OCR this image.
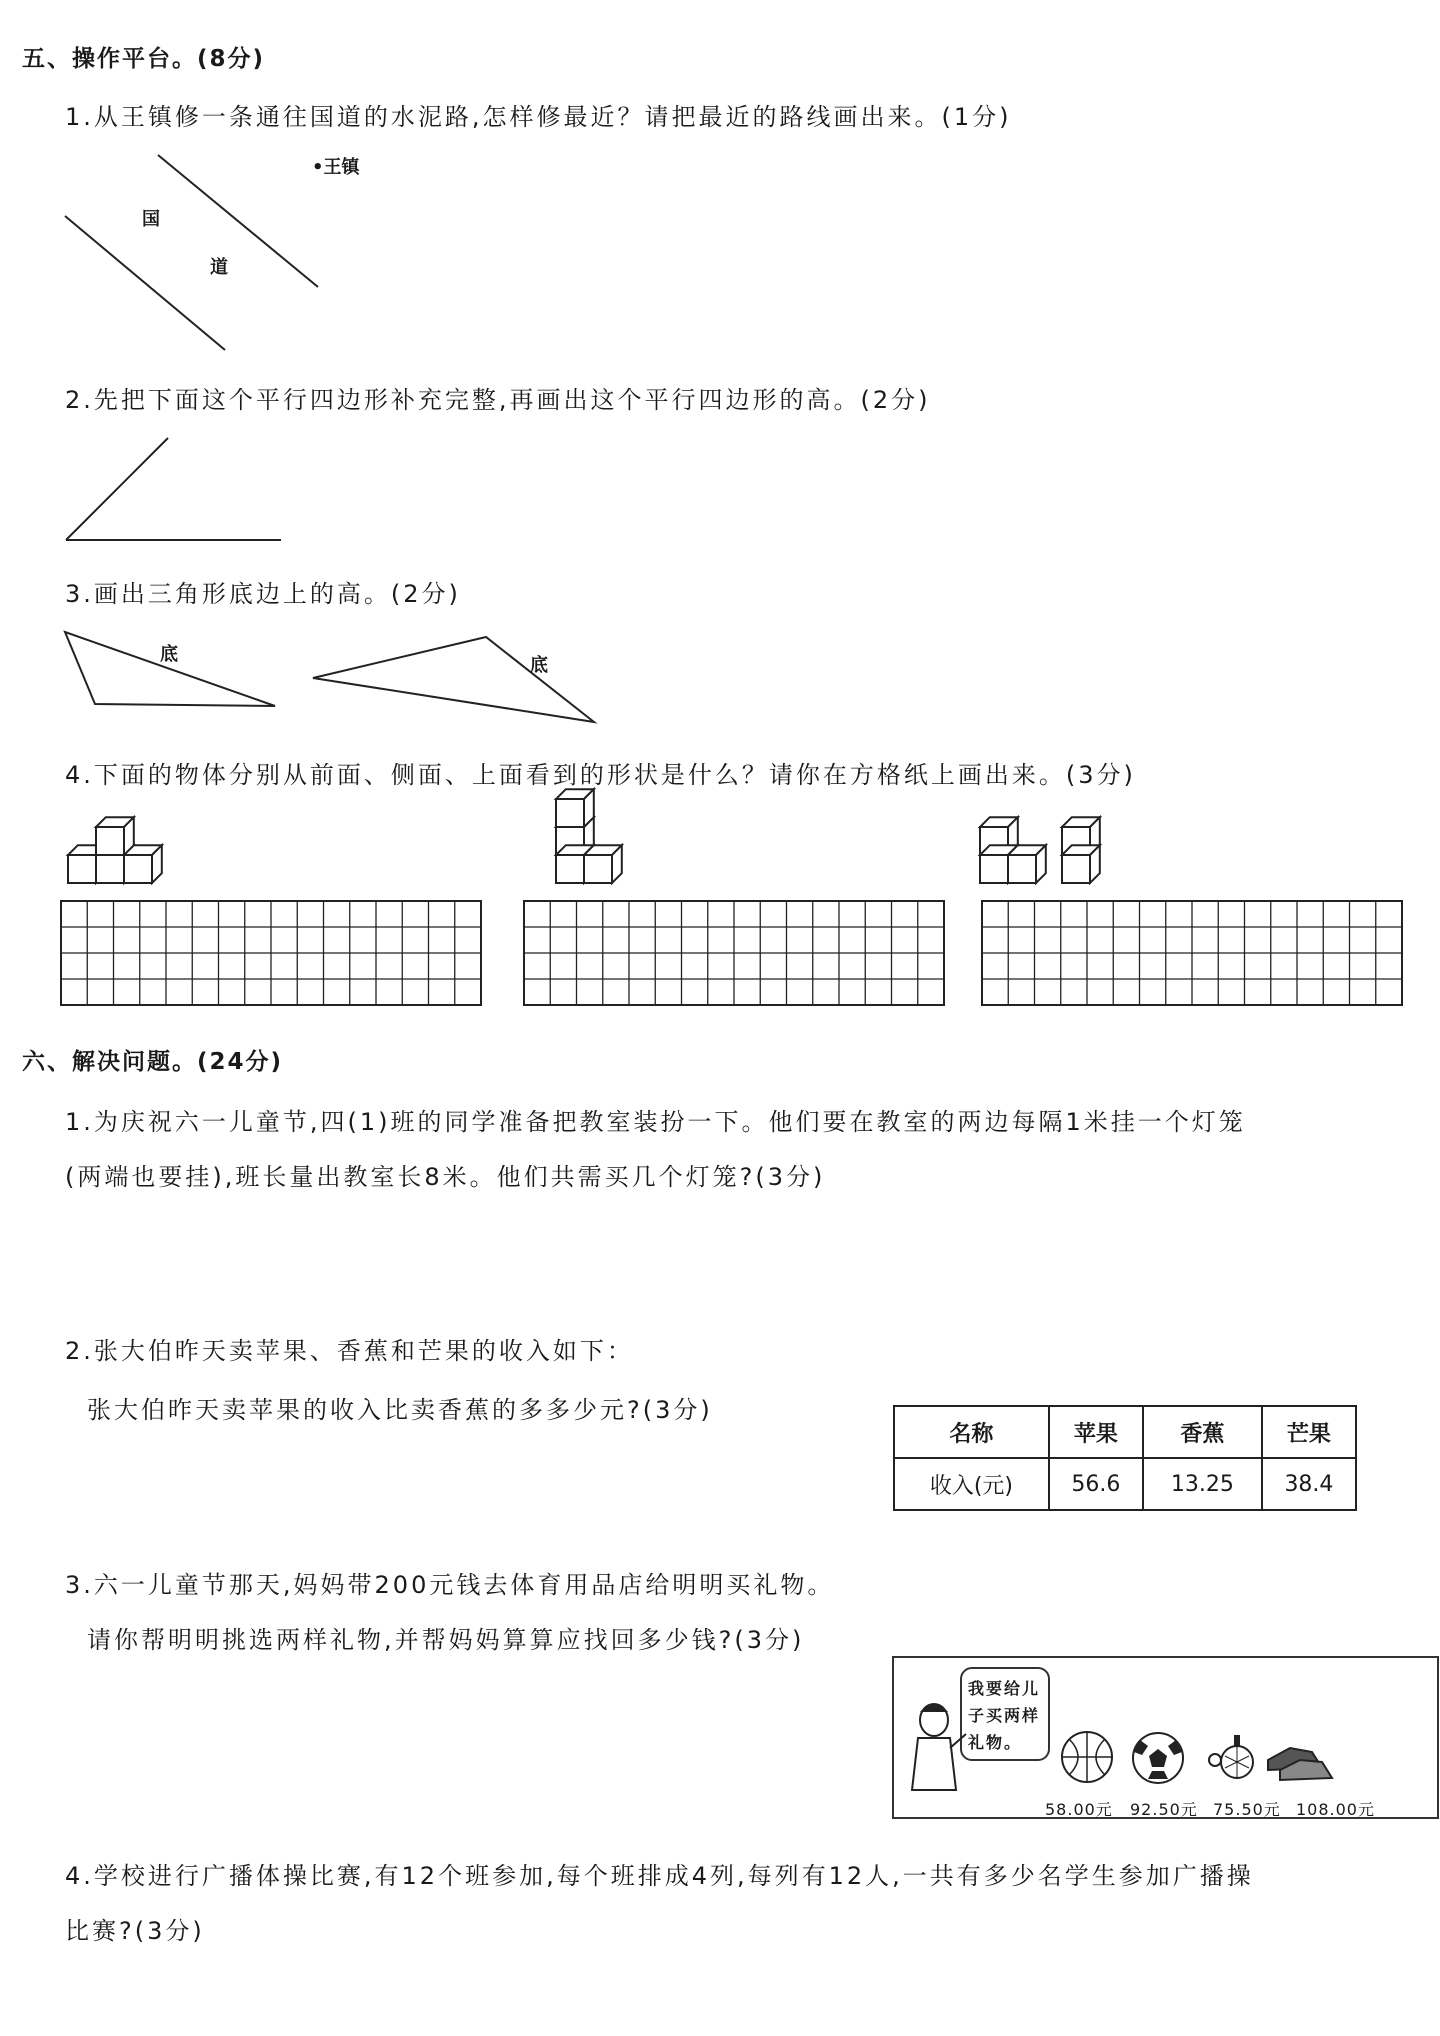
五、操作平台。(8分)
1.从王镇修一条通往国道的水泥路,怎样修最近？请把最近的路线画出来。(1分)
•王镇
国
道
2.先把下面这个平行四边形补充完整,再画出这个平行四边形的高。(2分)
3.画出三角形底边上的高。(2分)
底
底
4.下面的物体分别从前面、侧面、上面看到的形状是什么？请你在方格纸上画出来。(3分)
六、解决问题。(24分)
1.为庆祝六一儿童节,四(1)班的同学准备把教室装扮一下。他们要在教室的两边每隔1米挂一个灯笼
(两端也要挂),班长量出教室长8米。他们共需买几个灯笼?(3分)
2.张大伯昨天卖苹果、香蕉和芒果的收入如下：
张大伯昨天卖苹果的收入比卖香蕉的多多少元?(3分)
名称	苹果	香蕉	芒果
收入(元)	56.6	13.25	38.4
3.六一儿童节那天,妈妈带200元钱去体育用品店给明明买礼物。
请你帮明明挑选两样礼物,并帮妈妈算算应找回多少钱?(3分)
我要给儿子买两样礼物。
58.00元 92.50元 75.50元 108.00元
4.学校进行广播体操比赛,有12个班参加,每个班排成4列,每列有12人,一共有多少名学生参加广播操
比赛?(3分)
